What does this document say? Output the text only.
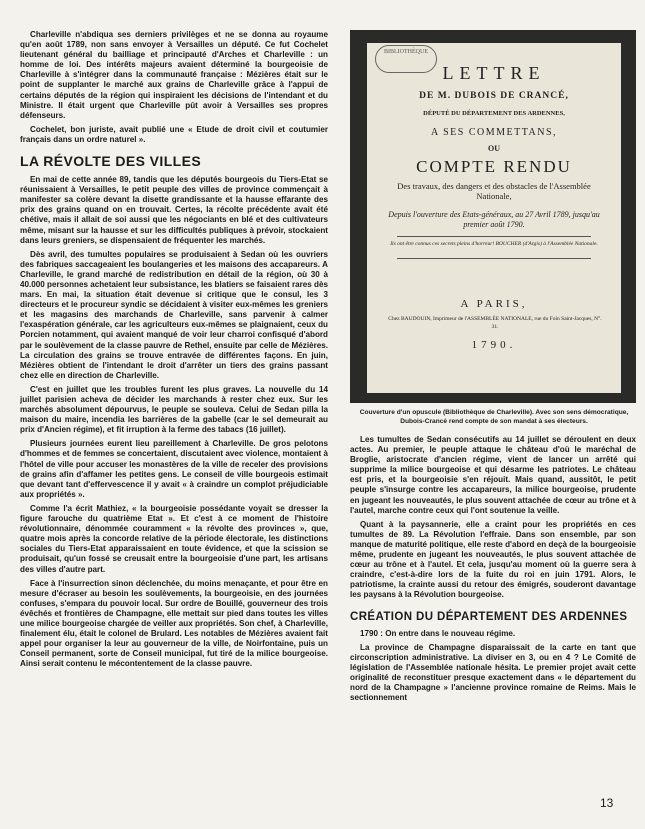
Charleville n'abdiqua ses derniers privilèges et ne se donna au royaume qu'en août 1789, non sans envoyer à Versailles un député. Ce fut Cochelet lieutenant général du bailliage et principauté d'Arches et Charleville : un homme de loi. Des intérêts majeurs avaient déterminé la bourgeoisie de Charleville à s'intégrer dans la communauté française : Mézières était sur le point de supplanter le marché aux grains de Charleville grâce à l'appui de certains députés de la région qui inspiraient les décisions de l'intendant et du Ministre. Il était urgent que Charleville pût avoir à Versailles ses propres défenseurs.

Cochelet, bon juriste, avait publié une « Etude de droit civil et coutumier français dans un ordre naturel ».

LA RÉVOLTE DES VILLES

En mai de cette année 89, tandis que les députés bourgeois du Tiers-Etat se réunissaient à Versailles, le petit peuple des villes de province commençait à manifester sa colère devant la disette grandissante et la hausse effarante des prix des grains quand on en trouvait. Certes, la récolte précédente avait été chétive, mais il allait de soi aussi que les négociants en blé et des cultivateurs même, misant sur la hausse et sur les difficultés publiques à prévoir, stockaient dans leurs greniers, se dispensaient de fréquenter les marchés.

Dès avril, des tumultes populaires se produisaient à Sedan où les ouvriers des fabriques saccageaient les boulangeries et les maisons des accapareurs. A Charleville, le grand marché de redistribution en détail de la région, où 30 à 40.000 personnes achetaient leur subsistance, les blatiers se faisaient rares dès mars. En mai, la situation était devenue si critique que le consul, les 3 directeurs et le procureur syndic se décidaient à visiter eux-mêmes les greniers et les magasins des marchands de Charleville, sans parvenir à calmer l'exaspération générale, car les agriculteurs eux-mêmes se plaignaient, ceux du Porcien notamment, qui avaient manqué de voir leur charroi confisqué d'abord par le soulèvement de la classe pauvre de Rethel, ensuite par celle de Mézières. La circulation des grains se trouve entravée de différentes façons. En juin, Mézières obtient de l'intendant le droit d'arrêter un tiers des grains passant chez elle en direction de Charleville.

C'est en juillet que les troubles furent les plus graves. La nouvelle du 14 juillet parisien acheva de décider les marchands à rester chez eux. Sur les marchés absolument dépourvus, le peuple se souleva. Celui de Sedan pilla la maison du maire, incendia les barrières de la gabelle (car le sel demeurait au prix d'Ancien régime), et fit irruption à la ferme des tabacs (16 juillet).

Plusieurs journées eurent lieu pareillement à Charleville. De gros pelotons d'hommes et de femmes se concertaient, discutaient avec violence, montaient à l'hôtel de ville pour accuser les monastères de la ville de receler des provisions de grains afin d'affamer les petites gens. Le conseil de ville bourgeois estimait que devant tant d'effervescence il y avait « à craindre un complot préjudiciable aux propriétés ».

Comme l'a écrit Mathiez, « la bourgeoisie possédante voyait se dresser la figure farouche du quatrième Etat ». Et c'est à ce moment de l'histoire révolutionnaire, dénommée couramment « la révolte des provinces », que, quatre mois après la concorde relative de la période électorale, les distinctions sociales du Tiers-Etat apparaissaient en toute évidence, et que la scission se produisait, qu'un fossé se creusait entre la bourgeoisie d'une part, les artisans des villes d'autre part.

Face à l'insurrection sinon déclenchée, du moins menaçante, et pour être en mesure d'écraser au besoin les soulèvements, la bourgeoisie, en des journées confuses, s'empara du pouvoir local. Sur ordre de Bouillé, gouverneur des trois évêchés et frontières de Champagne, elle mettait sur pied dans toutes les villes une milice bourgeoise chargée de veiller aux propriétés. Son chef, à Charleville, finalement élu, était le colonel de Brulard. Les notables de Mézières avaient fait appel pour organiser la leur au gouverneur de la ville, de Noirfontaine, puis un Conseil permanent, sorte de Conseil municipal, fut tiré de la milice bourgeoise. Ainsi serait contenu le mécontentement de la classe pauvre.

BIBLIOTHÈQUE
LETTRE
DE M. DUBOIS DE CRANCÉ,
DÉPUTÉ DU DÉPARTEMENT DES ARDENNES,
A SES COMMETTANS,
OU
COMPTE RENDU
Des travaux, des dangers et des obstacles de l'Assemblée Nationale,
Depuis l'ouverture des Etats-généraux, au 27 Avril 1789, jusqu'au premier août 1790.
Ils ont être connus ces secrets pleins d'horreur! BOUCHER (d'Argis) à l'Assemblée Nationale.
A PARIS,
Chez BAUDOUIN, Imprimeur de l'ASSEMBLÉE NATIONALE, rue du Foin Saint-Jacques, N°. 31.
1790.
Couverture d'un opuscule (Bibliothèque de Charleville). Avec son sens démocratique, Dubois-Crancé rend compte de son mandat à ses électeurs.

Les tumultes de Sedan consécutifs au 14 juillet se déroulent en deux actes. Au premier, le peuple attaque le château d'où le maréchal de Broglie, aristocrate d'ancien régime, vient de lancer un arrêté qui supprime la milice bourgeoise et qui désarme les patriotes. Le château est pris, et la bourgeoisie s'en réjouit. Mais quand, aussitôt, le petit peuple s'insurge contre les accapareurs, la milice bourgeoise, prudente en jugeant les nouveautés, le plus souvent attachée de cœur au trône et à l'autel, marche contre ceux qui l'ont soutenue la veille.

Quant à la paysannerie, elle a craint pour les propriétés en ces tumultes de 89. La Révolution l'effraie. Dans son ensemble, par son manque de maturité politique, elle reste d'abord en deçà de la bourgeoisie même, prudente en jugeant les nouveautés, le plus souvent attachée de cœur au trône et à l'autel. Et cela, jusqu'au moment où la guerre sera à craindre, c'est-à-dire lors de la fuite du roi en juin 1791. Alors, le patriotisme, la crainte aussi du retour des émigrés, souderont davantage les paysans à la Révolution bourgeoise.

CRÉATION DU DÉPARTEMENT DES ARDENNES

1790 : On entre dans le nouveau régime.

La province de Champagne disparaissait de la carte en tant que circonscription administrative. La diviser en 3, ou en 4 ? Le Comité de législation de l'Assemblée nationale hésita. Le premier projet avait cette originalité de reconstituer presque exactement dans « le département du nord de la Champagne » l'ancienne province romaine de Reims. Mais le sectionnement

13
